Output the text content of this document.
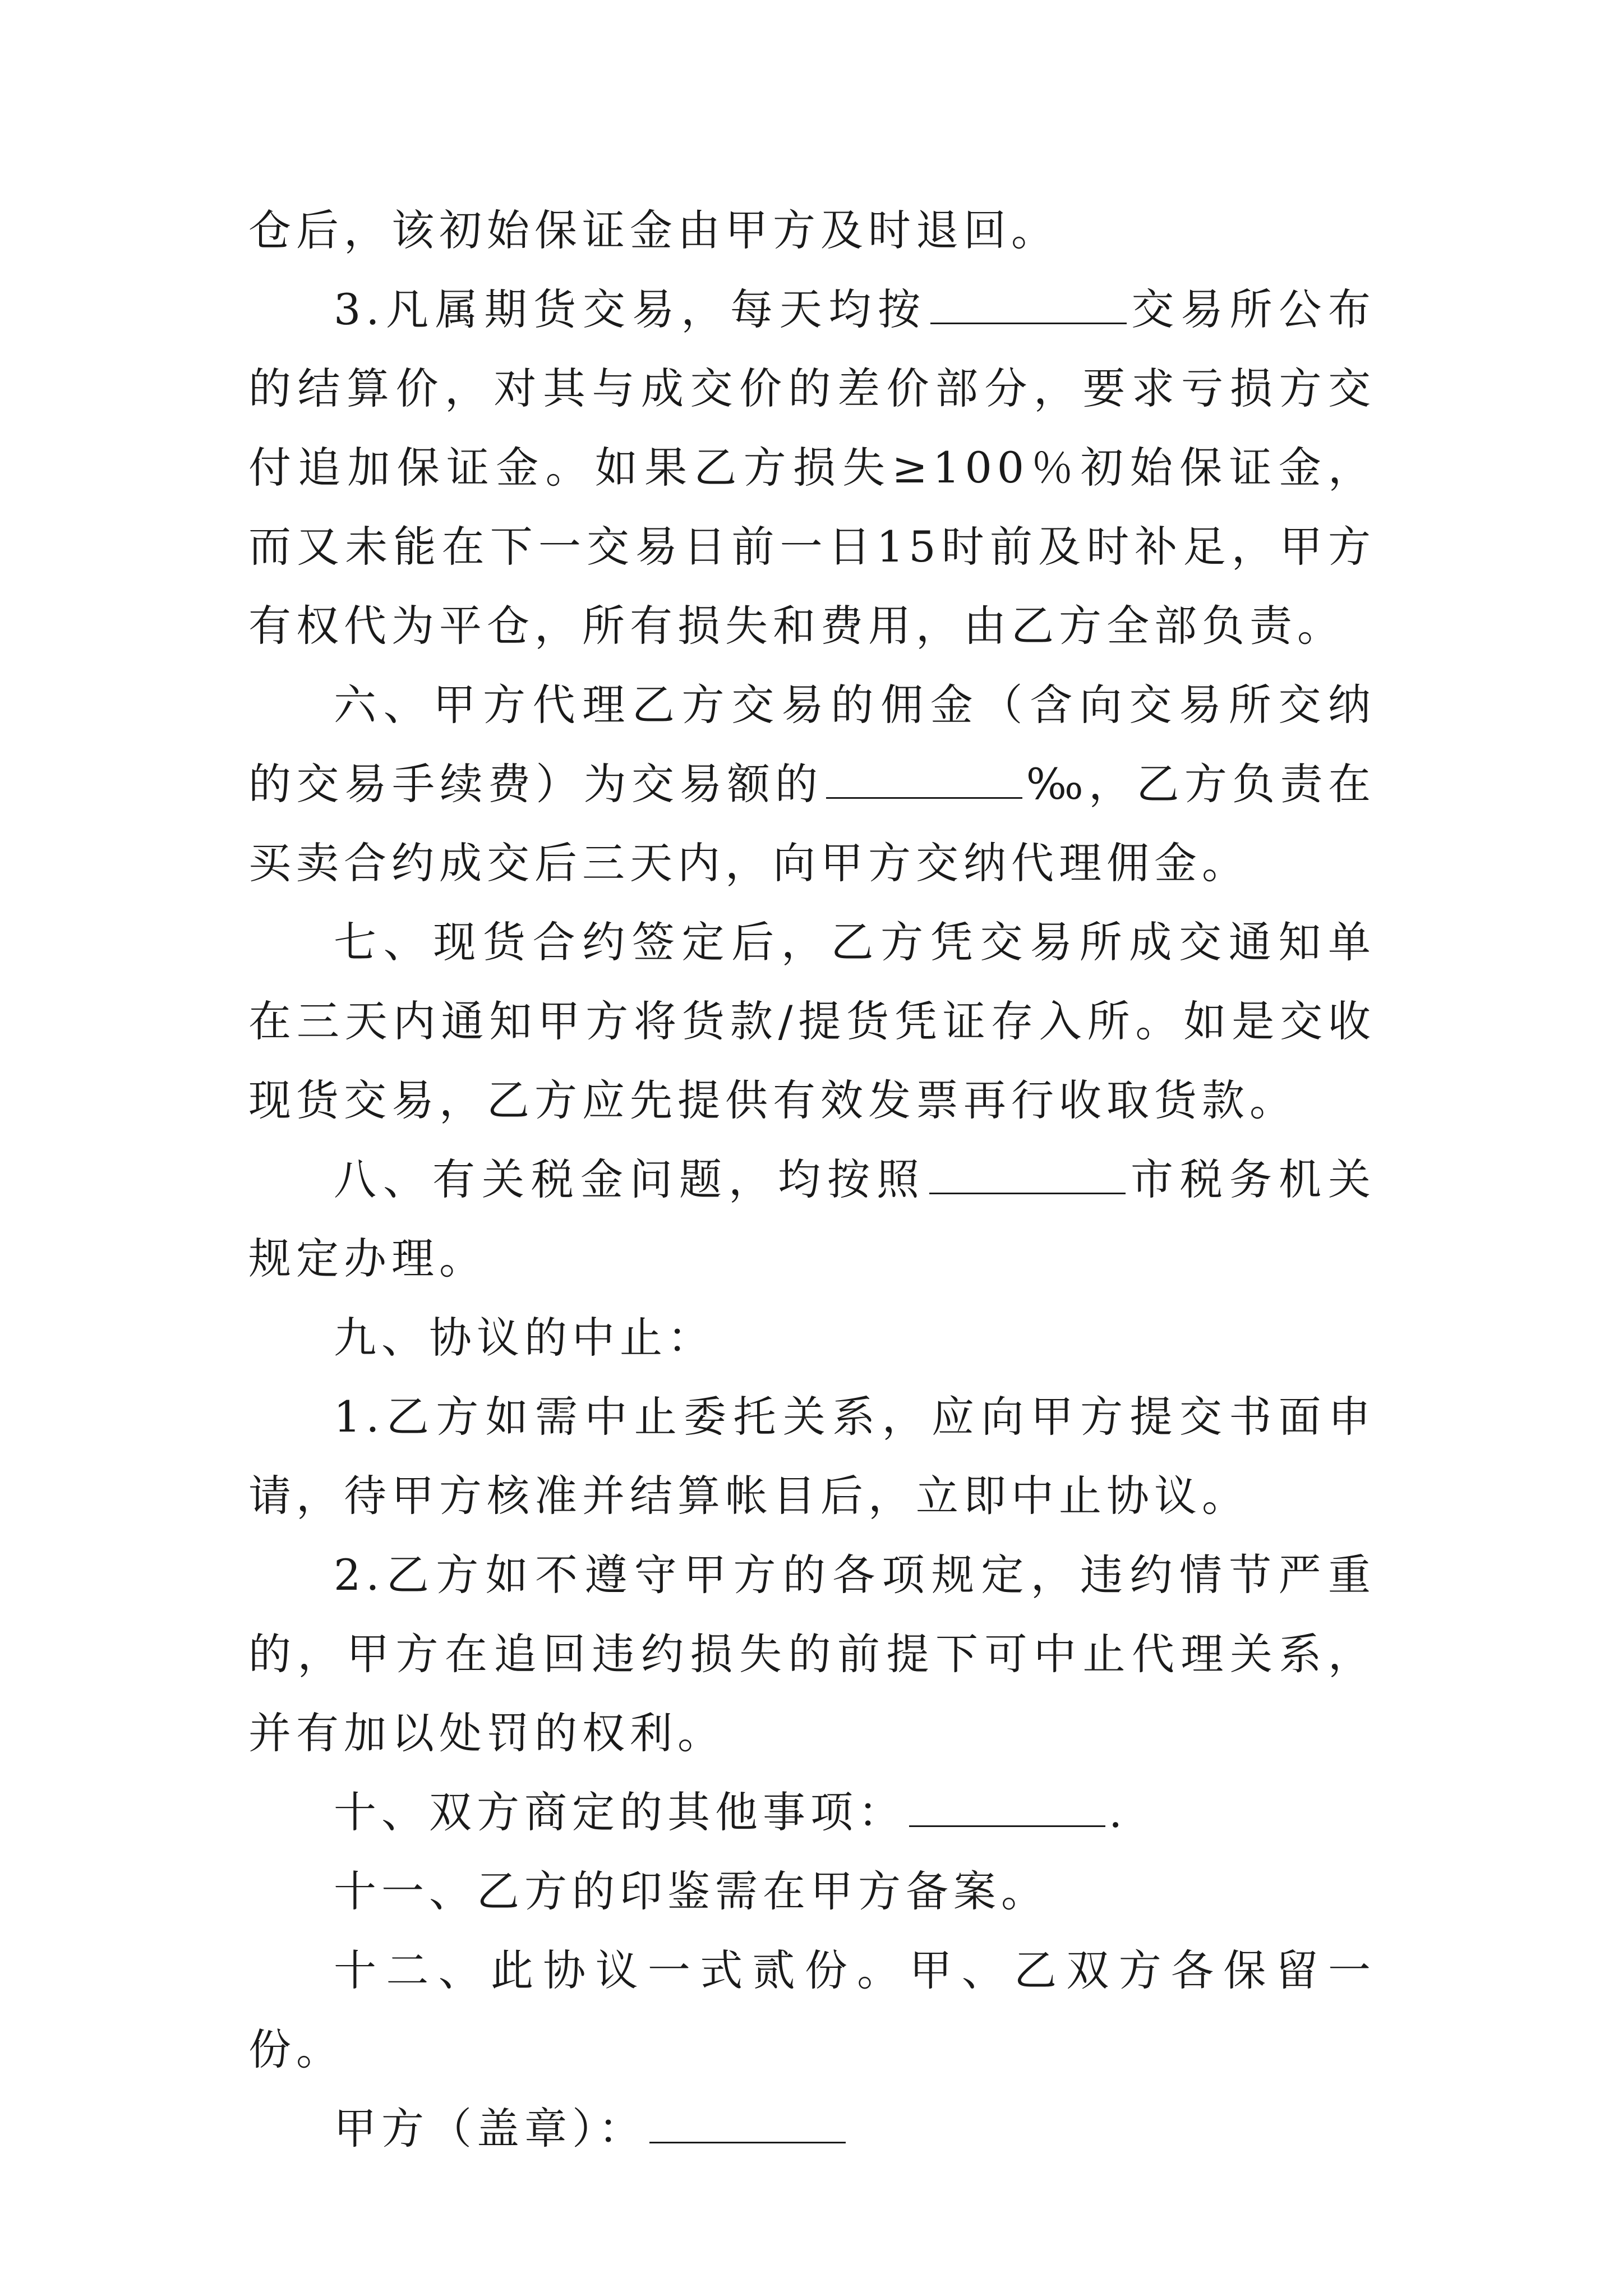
仓后，该初始保证金由甲方及时退回。

3.凡属期货交易，每天均按	交易所公布的结算价，对其与成交价的差价部分，要求亏损方交付追加保证金。如果乙方损失≥100％初始保证金，而又未能在下一交易日前一日15时前及时补足，甲方有权代为平仓，所有损失和费用，由乙方全部负责。

六、甲方代理乙方交易的佣金（含向交易所交纳的交易手续费）为交易额的	‰，乙方负责在买卖合约成交后三天内，向甲方交纳代理佣金。

七、现货合约签定后，乙方凭交易所成交通知单在三天内通知甲方将货款/提货凭证存入所。如是交收现货交易，乙方应先提供有效发票再行收取货款。

八、有关税金问题，均按照	市税务机关规定办理。

九、协议的中止：

1.乙方如需中止委托关系，应向甲方提交书面申请，待甲方核准并结算帐目后，立即中止协议。

2.乙方如不遵守甲方的各项规定，违约情节严重的，甲方在追回违约损失的前提下可中止代理关系，并有加以处罚的权利。

十、双方商定的其他事项：	.

十一、乙方的印鉴需在甲方备案。

十二、此协议一式贰份。甲、乙双方各保留一份。

甲方（盖章）：
